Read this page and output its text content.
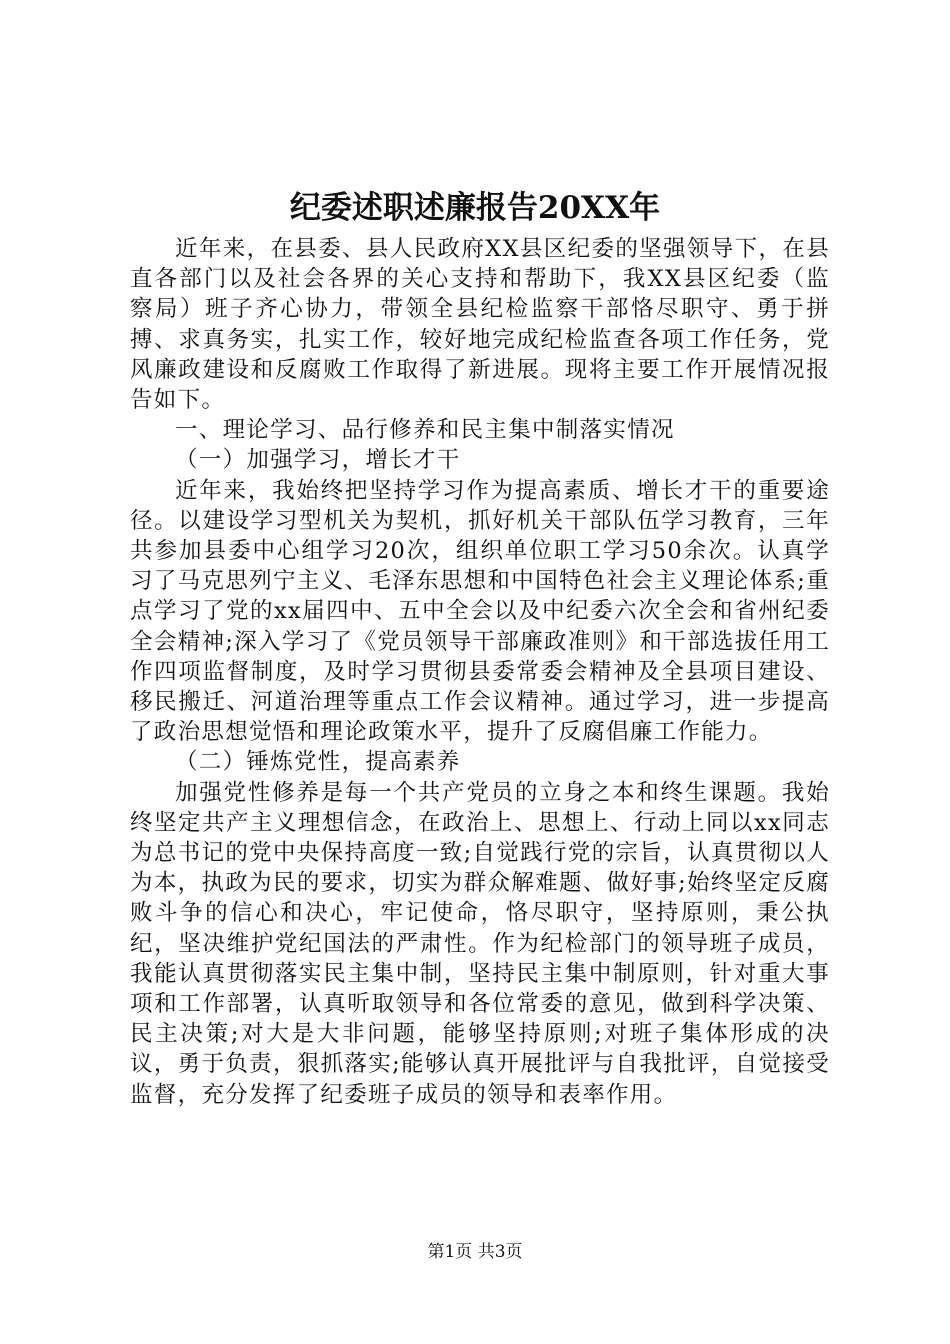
纪委述职述廉报告20XX年

近年来，在县委、县人民政府XX县区纪委的坚强领导下，在县直各部门以及社会各界的关心支持和帮助下，我XX县区纪委（监察局）班子齐心协力，带领全县纪检监察干部恪尽职守、勇于拼搏、求真务实，扎实工作，较好地完成纪检监查各项工作任务，党风廉政建设和反腐败工作取得了新进展。现将主要工作开展情况报告如下。

一、理论学习、品行修养和民主集中制落实情况

（一）加强学习，增长才干

近年来，我始终把坚持学习作为提高素质、增长才干的重要途径。以建设学习型机关为契机，抓好机关干部队伍学习教育，三年共参加县委中心组学习20次，组织单位职工学习50余次。认真学习了马克思列宁主义、毛泽东思想和中国特色社会主义理论体系;重点学习了党的xx届四中、五中全会以及中纪委六次全会和省州纪委全会精神;深入学习了《党员领导干部廉政准则》和干部选拔任用工作四项监督制度，及时学习贯彻县委常委会精神及全县项目建设、移民搬迁、河道治理等重点工作会议精神。通过学习，进一步提高了政治思想觉悟和理论政策水平，提升了反腐倡廉工作能力。

（二）锤炼党性，提高素养

加强党性修养是每一个共产党员的立身之本和终生课题。我始终坚定共产主义理想信念，在政治上、思想上、行动上同以xx同志为总书记的党中央保持高度一致;自觉践行党的宗旨，认真贯彻以人为本，执政为民的要求，切实为群众解难题、做好事;始终坚定反腐败斗争的信心和决心，牢记使命，恪尽职守，坚持原则，秉公执纪，坚决维护党纪国法的严肃性。作为纪检部门的领导班子成员，我能认真贯彻落实民主集中制，坚持民主集中制原则，针对重大事项和工作部署，认真听取领导和各位常委的意见，做到科学决策、民主决策;对大是大非问题，能够坚持原则;对班子集体形成的决议，勇于负责，狠抓落实;能够认真开展批评与自我批评，自觉接受监督，充分发挥了纪委班子成员的领导和表率作用。

第1页 共3页
